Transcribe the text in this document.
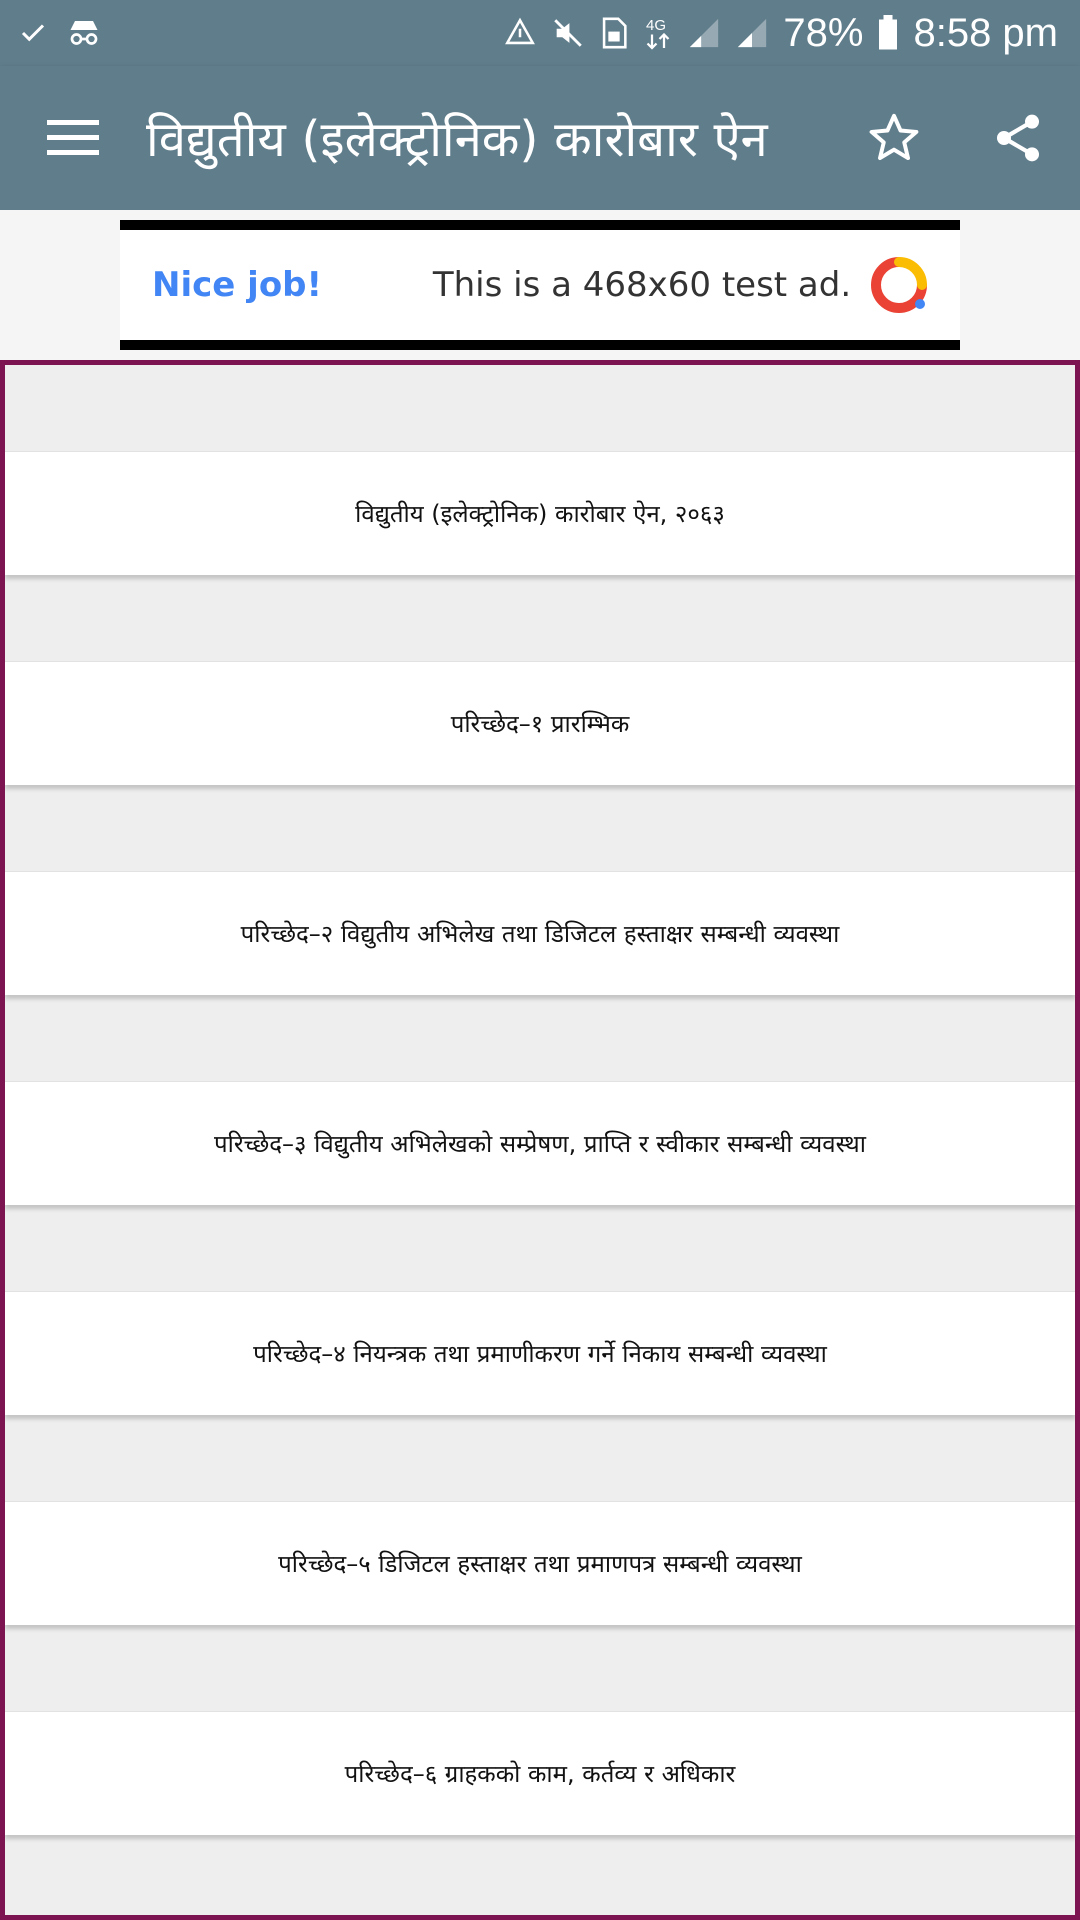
4G	78% 8:58 pm
विद्युतीय (इलेक्ट्रोनिक) कारोबार ऐन
Nice job!	This is a 468x60 test ad.
विद्युतीय (इलेक्ट्रोनिक) कारोबार ऐन, २०६३
परिच्छेद–१ प्रारम्भिक
परिच्छेद–२ विद्युतीय अभिलेख तथा डिजिटल हस्ताक्षर सम्बन्धी व्यवस्था
परिच्छेद–३ विद्युतीय अभिलेखको सम्प्रेषण, प्राप्ति र स्वीकार सम्बन्धी व्यवस्था
परिच्छेद–४ नियन्त्रक तथा प्रमाणीकरण गर्ने निकाय सम्बन्धी व्यवस्था
परिच्छेद–५ डिजिटल हस्ताक्षर तथा प्रमाणपत्र सम्बन्धी व्यवस्था
परिच्छेद–६ ग्राहकको काम, कर्तव्य र अधिकार
